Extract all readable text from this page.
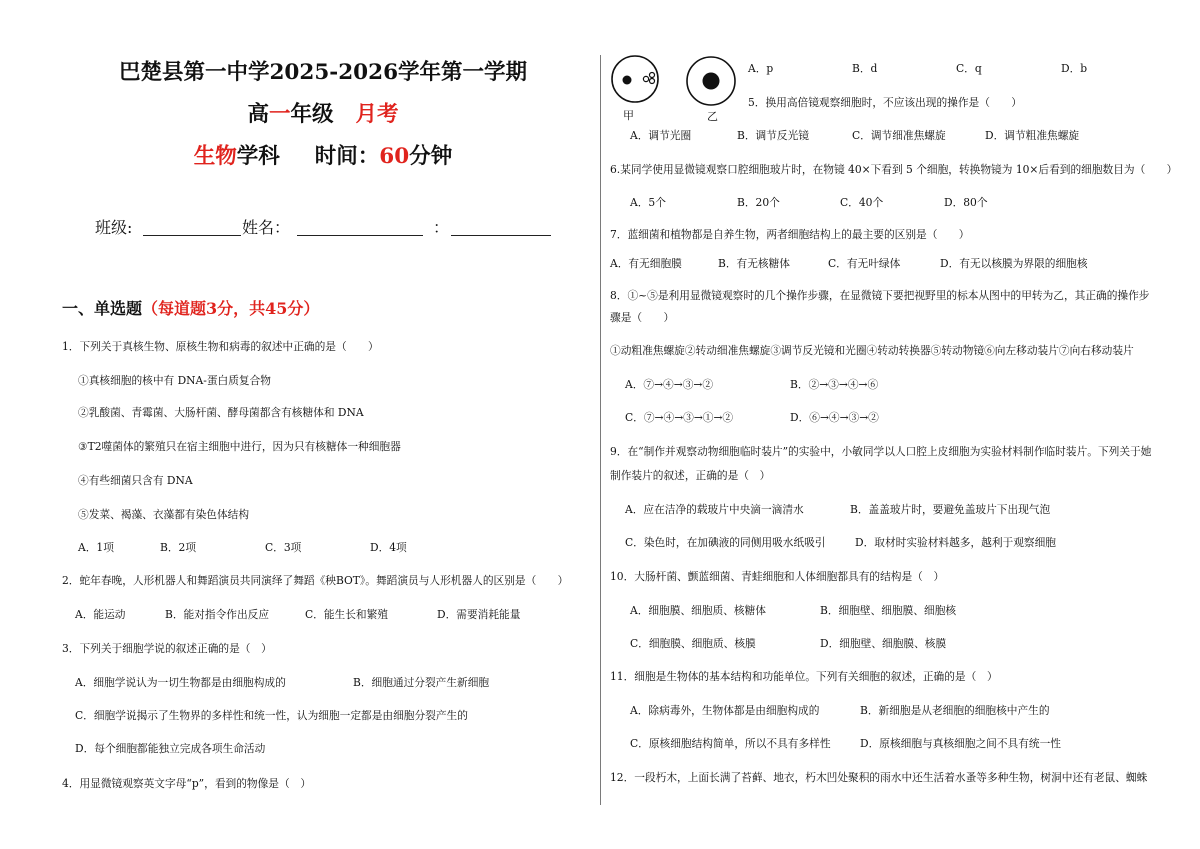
巴楚县第一中学2025-2026学年第一学期
高一年级 月考
生物学科 时间：60分钟
班级:	姓名：	：
一、单选题（每道题3分，共45分）
1．下列关于真核生物、原核生物和病毒的叙述中正确的是（　　）
①真核细胞的核中有 DNA-蛋白质复合物
②乳酸菌、青霉菌、大肠杆菌、酵母菌都含有核糖体和 DNA
③T2噬菌体的繁殖只在宿主细胞中进行，因为只有核糖体一种细胞器
④有些细菌只含有 DNA
⑤发菜、褐藻、衣藻都有染色体结构
A．1项	B．2项	C．3项	D．4项
2．蛇年春晚，人形机器人和舞蹈演员共同演绎了舞蹈《秧BOT》。舞蹈演员与人形机器人的区别是（　　）
A．能运动	B．能对指令作出反应	C．能生长和繁殖	D．需要消耗能量
3．下列关于细胞学说的叙述正确的是（　）
A．细胞学说认为一切生物都是由细胞构成的	B．细胞通过分裂产生新细胞
C．细胞学说揭示了生物界的多样性和统一性，认为细胞一定都是由细胞分裂产生的
D．每个细胞都能独立完成各项生命活动
4．用显微镜观察英文字母“p”，看到的物像是（　）
甲	乙
A．p	B．d	C．q	D．b
5．换用高倍镜观察细胞时，不应该出现的操作是（　　）
A．调节光圈	B．调节反光镜	C．调节细准焦螺旋	D．调节粗准焦螺旋
6.某同学使用显微镜观察口腔细胞玻片时，在物镜 40×下看到 5 个细胞，转换物镜为 10×后看到的细胞数目为（　　）
A．5个	B．20个	C．40个	D．80个
7．蓝细菌和植物都是自养生物，两者细胞结构上的最主要的区别是（　　）
A．有无细胞膜	B．有无核糖体	C．有无叶绿体	D．有无以核膜为界限的细胞核
8．①~⑤是利用显微镜观察时的几个操作步骤，在显微镜下要把视野里的标本从图中的甲转为乙，其正确的操作步
骤是（　　）
①动粗准焦螺旋②转动细准焦螺旋③调节反光镜和光圈④转动转换器⑤转动物镜⑥向左移动装片⑦向右移动装片
A．⑦→④→③→②	B．②→③→④→⑥
C．⑦→④→③→①→②	D．⑥→④→③→②
9．在“制作并观察动物细胞临时装片”的实验中，小敏同学以人口腔上皮细胞为实验材料制作临时装片。下列关于她
制作装片的叙述，正确的是（　）
A．应在洁净的载玻片中央滴一滴清水	B．盖盖玻片时，要避免盖玻片下出现气泡
C．染色时，在加碘液的同侧用吸水纸吸引	D．取材时实验材料越多，越利于观察细胞
10．大肠杆菌、颤蓝细菌、青蛙细胞和人体细胞都具有的结构是（　）
A．细胞膜、细胞质、核糖体	B．细胞壁、细胞膜、细胞核
C．细胞膜、细胞质、核膜	D．细胞壁、细胞膜、核膜
11．细胞是生物体的基本结构和功能单位。下列有关细胞的叙述，正确的是（　）
A．除病毒外，生物体都是由细胞构成的	B．新细胞是从老细胞的细胞核中产生的
C．原核细胞结构简单，所以不具有多样性	D．原核细胞与真核细胞之间不具有统一性
12．一段朽木，上面长满了苔藓、地衣，朽木凹处聚积的雨水中还生活着水蚤等多种生物，树洞中还有老鼠、蜘蛛
